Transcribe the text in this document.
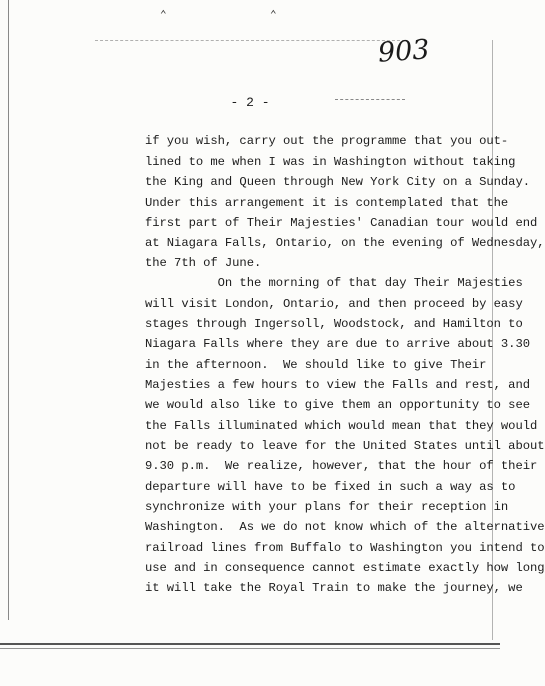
⌃	⌃
903
- 2 -
if you wish, carry out the programme that you out-
lined to me when I was in Washington without taking
the King and Queen through New York City on a Sunday.
Under this arrangement it is contemplated that the
first part of Their Majesties' Canadian tour would end
at Niagara Falls, Ontario, on the evening of Wednesday,
the 7th of June.
On the morning of that day Their Majesties
will visit London, Ontario, and then proceed by easy
stages through Ingersoll, Woodstock, and Hamilton to
Niagara Falls where they are due to arrive about 3.30
in the afternoon.  We should like to give Their
Majesties a few hours to view the Falls and rest, and
we would also like to give them an opportunity to see
the Falls illuminated which would mean that they would
not be ready to leave for the United States until about
9.30 p.m.  We realize, however, that the hour of their
departure will have to be fixed in such a way as to
synchronize with your plans for their reception in
Washington.  As we do not know which of the alternative
railroad lines from Buffalo to Washington you intend to
use and in consequence cannot estimate exactly how long
it will take the Royal Train to make the journey, we
